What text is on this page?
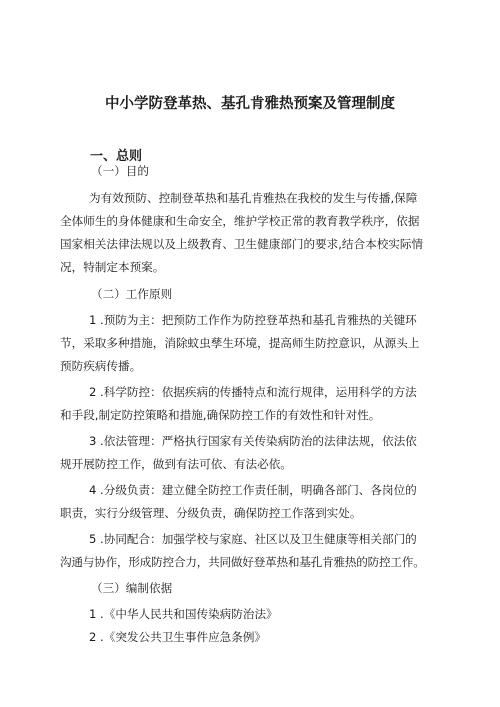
中小学防登革热、基孔肯雅热预案及管理制度
一、总则
（一）目的
为有效预防、控制登革热和基孔肯雅热在我校的发生与传播,保障
全体师生的身体健康和生命安全，维护学校正常的教育教学秩序，依据
国家相关法律法规以及上级教育、卫生健康部门的要求,结合本校实际情
况，特制定本预案。
（二）工作原则
1 .预防为主：把预防工作作为防控登革热和基孔肯雅热的关键环
节，采取多种措施，消除蚊虫孳生环境，提高师生防控意识，从源头上
预防疾病传播。
2 .科学防控：依据疾病的传播特点和流行规律，运用科学的方法
和手段,制定防控策略和措施,确保防控工作的有效性和针对性。
3 .依法管理：严格执行国家有关传染病防治的法律法规，依法依
规开展防控工作，做到有法可依、有法必依。
4 .分级负责：建立健全防控工作责任制，明确各部门、各岗位的
职责，实行分级管理、分级负责，确保防控工作落到实处。
5 .协同配合：加强学校与家庭、社区以及卫生健康等相关部门的
沟通与协作，形成防控合力，共同做好登革热和基孔肯雅热的防控工作。
（三）编制依据
1 .《中华人民共和国传染病防治法》
2 .《突发公共卫生事件应急条例》
